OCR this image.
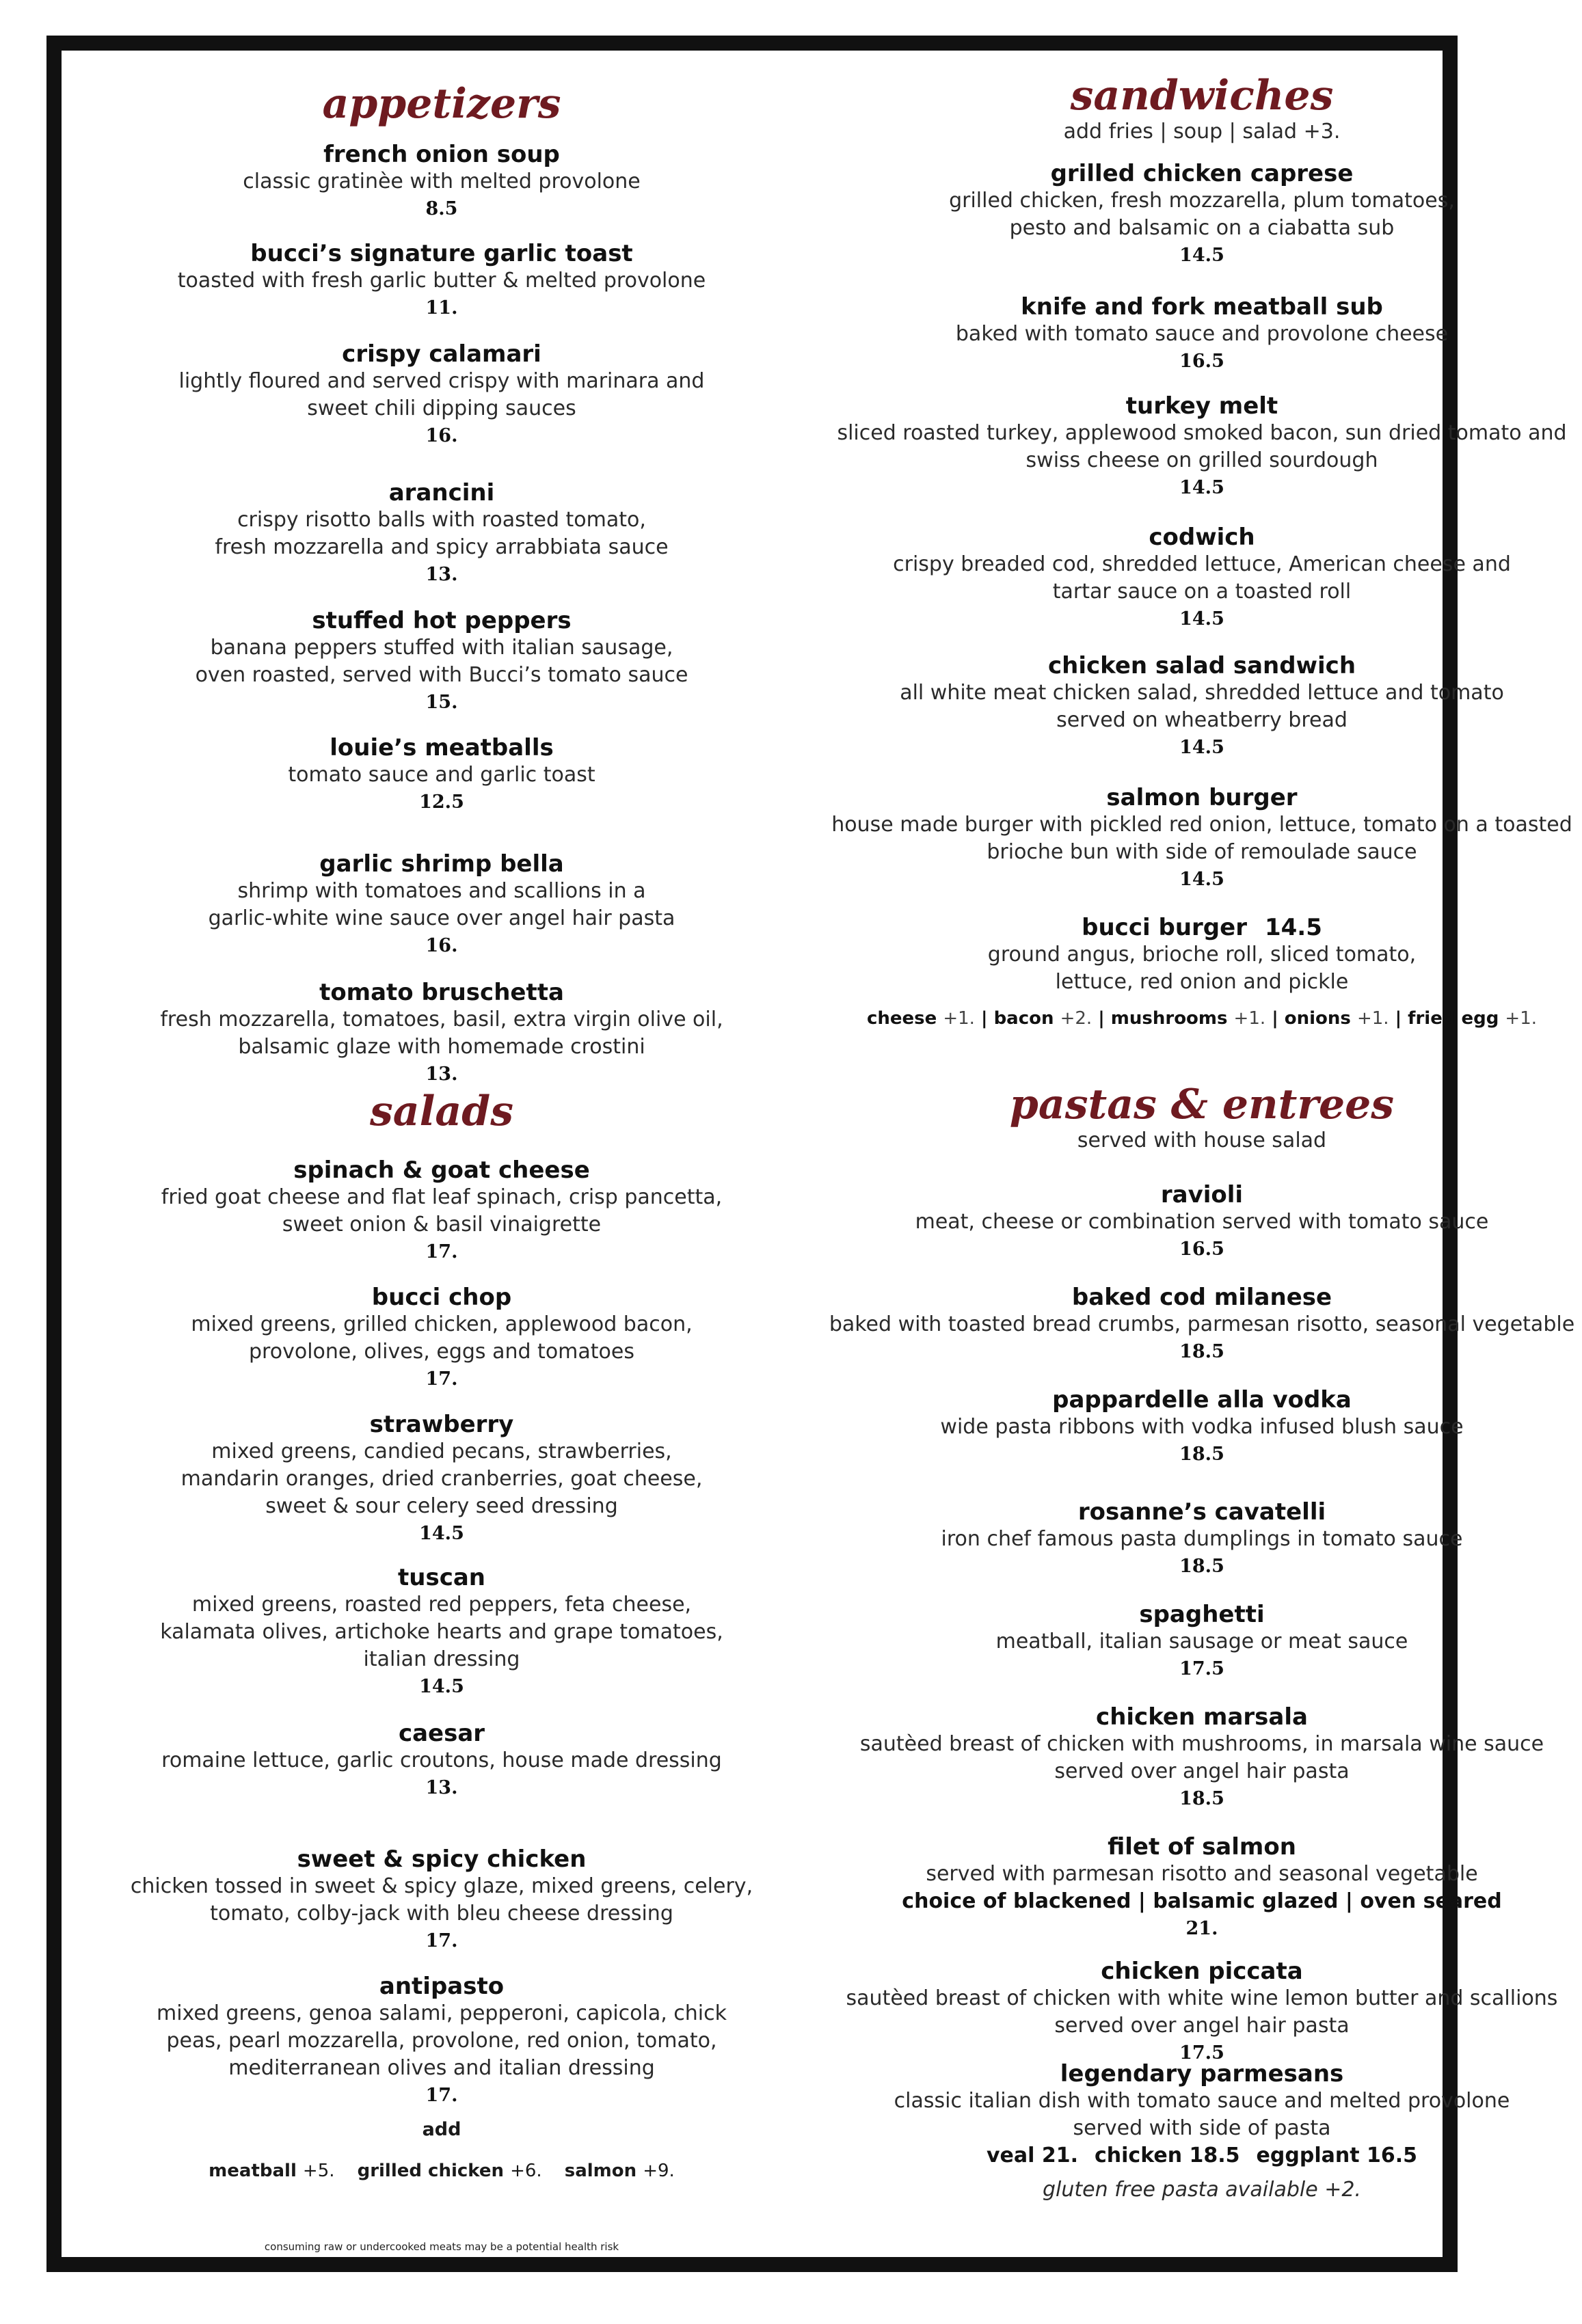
appetizers
french onion soup
classic gratinèe with melted provolone
8.5
bucci’s signature garlic toast
toasted with fresh garlic butter & melted provolone
11.
crispy calamari
lightly floured and served crispy with marinara and
sweet chili dipping sauces
16.
arancini
crispy risotto balls with roasted tomato,
fresh mozzarella and spicy arrabbiata sauce
13.
stuffed hot peppers
banana peppers stuffed with italian sausage,
oven roasted, served with Bucci’s tomato sauce
15.
louie’s meatballs
tomato sauce and garlic toast
12.5
garlic shrimp bella
shrimp with tomatoes and scallions in a
garlic-white wine sauce over angel hair pasta
16.
tomato bruschetta
fresh mozzarella, tomatoes, basil, extra virgin olive oil,
balsamic glaze with homemade crostini
13.
salads
spinach & goat cheese
fried goat cheese and flat leaf spinach, crisp pancetta,
sweet onion & basil vinaigrette
17.
bucci chop
mixed greens, grilled chicken, applewood bacon,
provolone, olives, eggs and tomatoes
17.
strawberry
mixed greens, candied pecans, strawberries,
mandarin oranges, dried cranberries, goat cheese,
sweet & sour celery seed dressing
14.5
tuscan
mixed greens, roasted red peppers, feta cheese,
kalamata olives, artichoke hearts and grape tomatoes,
italian dressing
14.5
caesar
romaine lettuce, garlic croutons, house made dressing
13.
sweet & spicy chicken
chicken tossed in sweet & spicy glaze, mixed greens, celery,
tomato, colby-jack with bleu cheese dressing
17.
antipasto
mixed greens, genoa salami, pepperoni, capicola, chick
peas, pearl mozzarella, provolone, red onion, tomato,
mediterranean olives and italian dressing
17.
add
meatball +5. grilled chicken +6. salmon +9.
consuming raw or undercooked meats may be a potential health risk
sandwiches
add fries | soup | salad +3.
grilled chicken caprese
grilled chicken, fresh mozzarella, plum tomatoes,
pesto and balsamic on a ciabatta sub
14.5
knife and fork meatball sub
baked with tomato sauce and provolone cheese
16.5
turkey melt
sliced roasted turkey, applewood smoked bacon, sun dried tomato and
swiss cheese on grilled sourdough
14.5
codwich
crispy breaded cod, shredded lettuce, American cheese and
tartar sauce on a toasted roll
14.5
chicken salad sandwich
all white meat chicken salad, shredded lettuce and tomato
served on wheatberry bread
14.5
salmon burger
house made burger with pickled red onion, lettuce, tomato on a toasted
brioche bun with side of remoulade sauce
14.5
bucci burger 14.5
ground angus, brioche roll, sliced tomato,
lettuce, red onion and pickle
cheese +1. | bacon +2. | mushrooms +1. | onions +1. | fried egg +1.
pastas & entrees
served with house salad
ravioli
meat, cheese or combination served with tomato sauce
16.5
baked cod milanese
baked with toasted bread crumbs, parmesan risotto, seasonal vegetable
18.5
pappardelle alla vodka
wide pasta ribbons with vodka infused blush sauce
18.5
rosanne’s cavatelli
iron chef famous pasta dumplings in tomato sauce
18.5
spaghetti
meatball, italian sausage or meat sauce
17.5
chicken marsala
sautèed breast of chicken with mushrooms, in marsala wine sauce
served over angel hair pasta
18.5
filet of salmon
served with parmesan risotto and seasonal vegetable
choice of blackened | balsamic glazed | oven seared
21.
chicken piccata
sautèed breast of chicken with white wine lemon butter and scallions
served over angel hair pasta
17.5
legendary parmesans
classic italian dish with tomato sauce and melted provolone
served with side of pasta
veal 21. chicken 18.5 eggplant 16.5
gluten free pasta available +2.
